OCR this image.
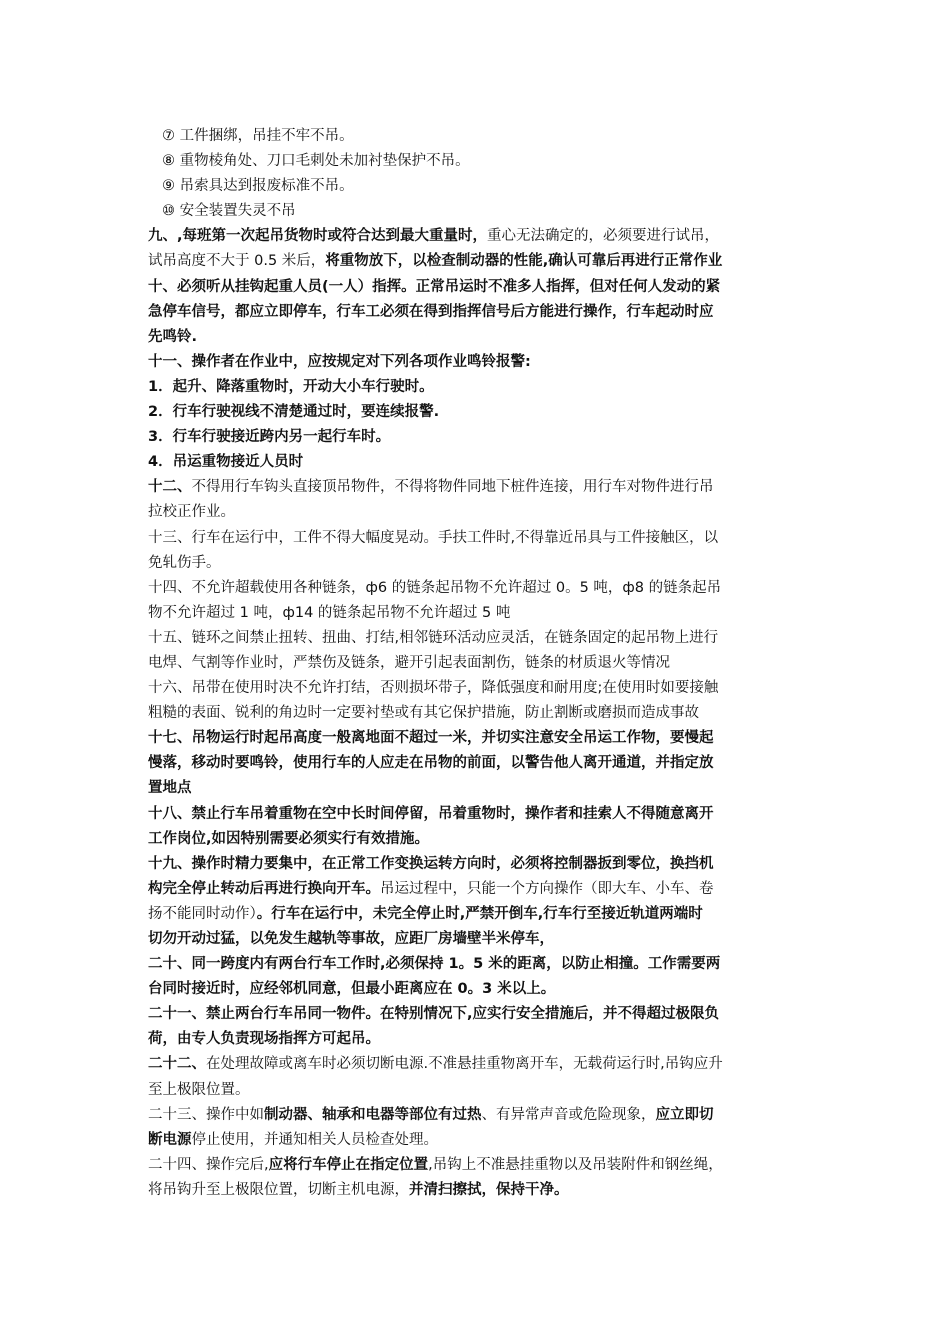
⑦ 工件捆绑，吊挂不牢不吊。
⑧ 重物棱角处、刀口毛刺处未加衬垫保护不吊。
⑨ 吊索具达到报废标准不吊。
⑩ 安全装置失灵不吊
九、,每班第一次起吊货物时或符合达到最大重量时，重心无法确定的，必须要进行试吊，
试吊高度不大于 0.5 米后，将重物放下，以检查制动器的性能,确认可靠后再进行正常作业
十、必须听从挂钩起重人员(一人）指挥。正常吊运时不准多人指挥，但对任何人发动的紧
急停车信号，都应立即停车，行车工必须在得到指挥信号后方能进行操作，行车起动时应
先鸣铃.
十一、操作者在作业中，应按规定对下列各项作业鸣铃报警:
1．起升、降落重物时，开动大小车行驶时。
2．行车行驶视线不清楚通过时，要连续报警.
3．行车行驶接近跨内另一起行车时。
4．吊运重物接近人员时
十二、不得用行车钩头直接顶吊物件，不得将物件同地下桩件连接，用行车对物件进行吊
拉校正作业。
十三、行车在运行中，工件不得大幅度晃动。手扶工件时,不得靠近吊具与工件接触区，以
免轧伤手。
十四、不允许超载使用各种链条，ф6 的链条起吊物不允许超过 0。5 吨，ф8 的链条起吊
物不允许超过 1 吨，ф14 的链条起吊物不允许超过 5 吨
十五、链环之间禁止扭转、扭曲、打结,相邻链环活动应灵活，在链条固定的起吊物上进行
电焊、气割等作业时，严禁伤及链条，避开引起表面割伤，链条的材质退火等情况
十六、吊带在使用时决不允许打结，否则损坏带子，降低强度和耐用度;在使用时如要接触
粗糙的表面、锐利的角边时一定要衬垫或有其它保护措施，防止割断或磨损而造成事故
十七、吊物运行时起吊高度一般离地面不超过一米，并切实注意安全吊运工作物，要慢起
慢落，移动时要鸣铃，使用行车的人应走在吊物的前面，以警告他人离开通道，并指定放
置地点
十八、禁止行车吊着重物在空中长时间停留，吊着重物时，操作者和挂索人不得随意离开
工作岗位,如因特别需要必须实行有效措施。
十九、操作时精力要集中，在正常工作变换运转方向时，必须将控制器扳到零位，换挡机
构完全停止转动后再进行换向开车。吊运过程中，只能一个方向操作（即大车、小车、卷
扬不能同时动作）。行车在运行中，未完全停止时,严禁开倒车,行车行至接近轨道两端时
切勿开动过猛，以免发生越轨等事故，应距厂房墙壁半米停车，
二十、同一跨度内有两台行车工作时,必须保持 1。5 米的距离，以防止相撞。工作需要两
台同时接近时，应经邻机同意，但最小距离应在 0。3 米以上。
二十一、禁止两台行车吊同一物件。在特别情况下,应实行安全措施后，并不得超过极限负
荷，由专人负责现场指挥方可起吊。
二十二、在处理故障或离车时必须切断电源.不准悬挂重物离开车，无载荷运行时,吊钩应升
至上极限位置。
二十三、操作中如制动器、轴承和电器等部位有过热、有异常声音或危险现象，应立即切
断电源停止使用，并通知相关人员检查处理。
二十四、操作完后,应将行车停止在指定位置,吊钩上不准悬挂重物以及吊装附件和钢丝绳，
将吊钩升至上极限位置，切断主机电源，并清扫擦拭，保持干净。
